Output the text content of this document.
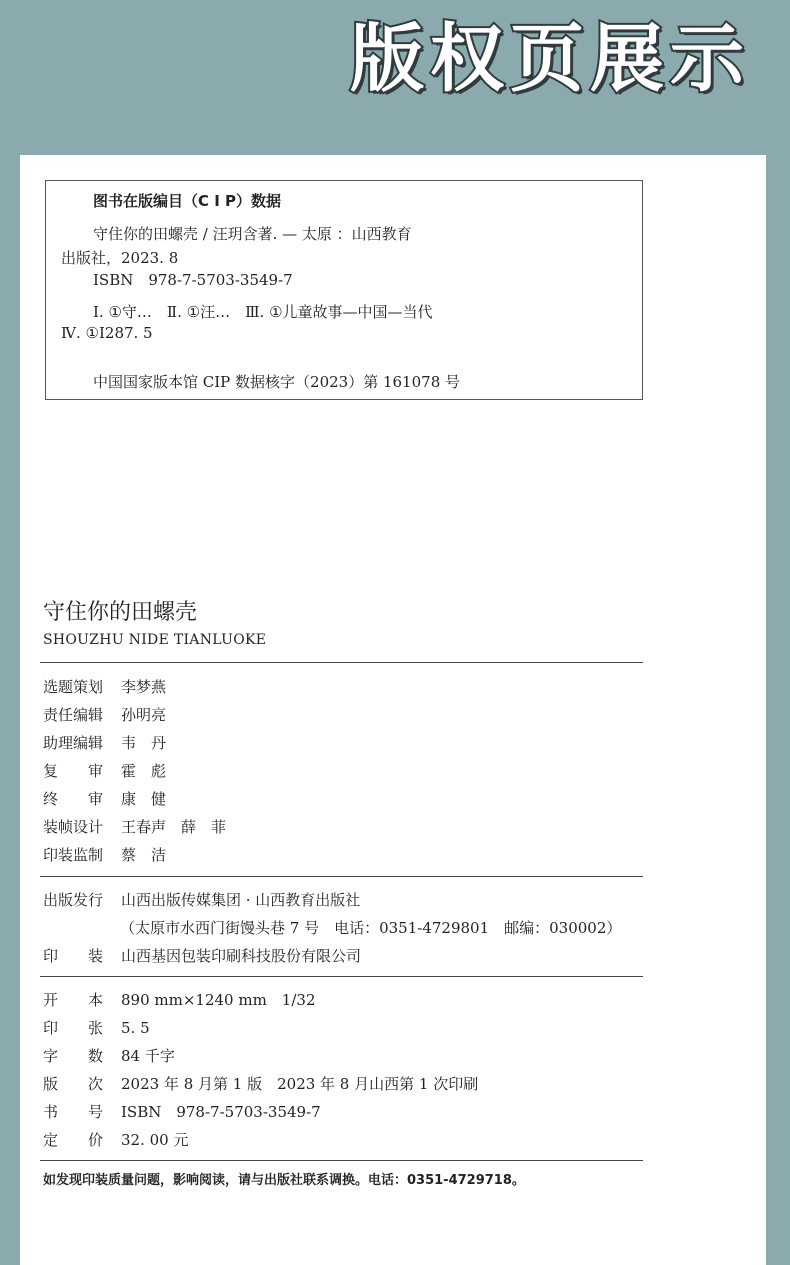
版权页展示
图书在版编目（C I P）数据
守住你的田螺壳 / 汪玥含著. — 太原 ：山西教育
出版社，2023. 8
ISBN　978-7-5703-3549-7
Ⅰ. ①守…　Ⅱ. ①汪…　Ⅲ. ①儿童故事—中国—当代
Ⅳ. ①I287. 5
中国国家版本馆 CIP 数据核字（2023）第 161078 号
守住你的田螺壳
SHOUZHU NIDE TIANLUOKE
选题策划 李梦燕
责任编辑 孙明亮
助理编辑 韦　丹
复　　审 霍　彪
终　　审 康　健
装帧设计 王春声　薛　菲
印装监制 蔡　洁
出版发行 山西出版传媒集团 · 山西教育出版社
（太原市水西门街馒头巷 7 号　电话：0351-4729801　邮编：030002）
印　　装 山西基因包装印刷科技股份有限公司
开　　本 890 mm×1240 mm　1/32
印　　张 5. 5
字　　数 84 千字
版　　次 2023 年 8 月第 1 版　2023 年 8 月山西第 1 次印刷
书　　号 ISBN　978-7-5703-3549-7
定　　价 32. 00 元
如发现印装质量问题，影响阅读，请与出版社联系调换。电话：0351-4729718。
